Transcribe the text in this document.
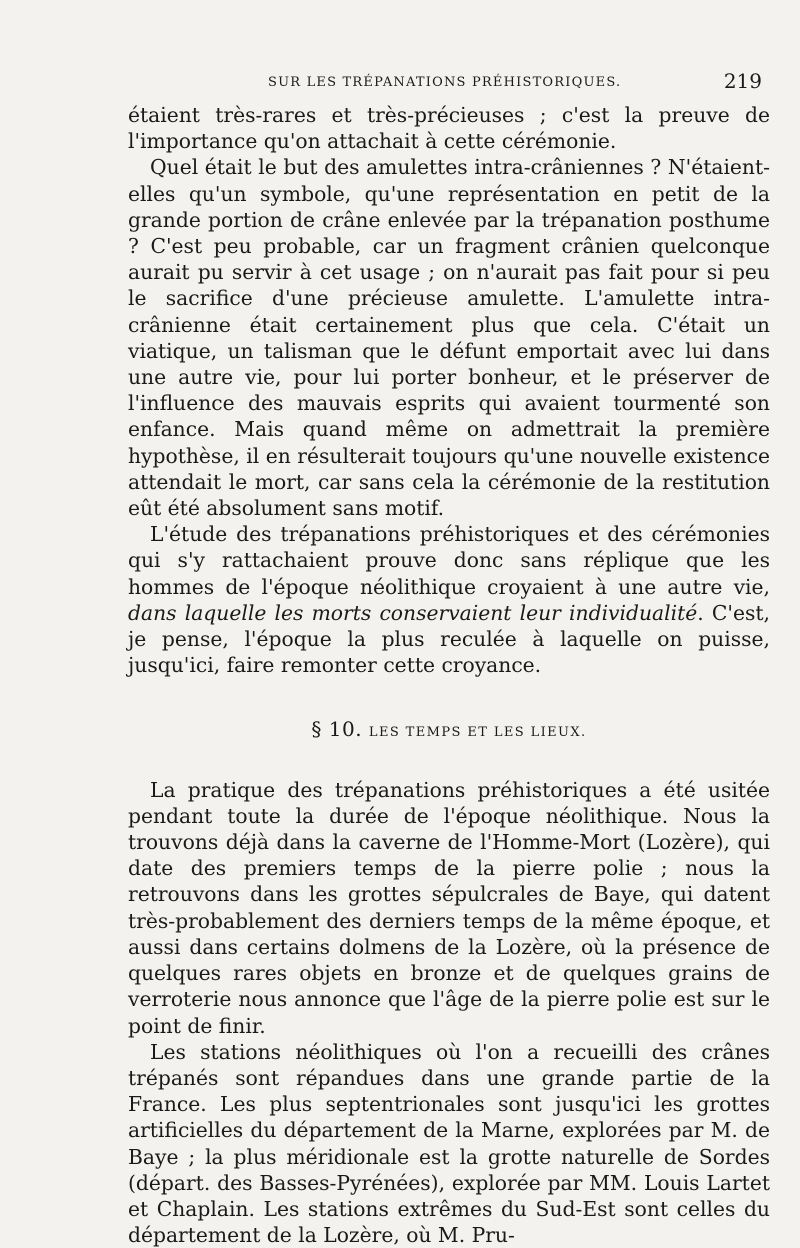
SUR LES TRÉPANATIONS PRÉHISTORIQUES.	219

étaient très-rares et très-précieuses ; c'est la preuve de l'importance qu'on attachait à cette cérémonie.

Quel était le but des amulettes intra-crâniennes ? N'étaient-elles qu'un symbole, qu'une représentation en petit de la grande portion de crâne enlevée par la trépanation posthume ? C'est peu probable, car un fragment crânien quelconque aurait pu servir à cet usage ; on n'aurait pas fait pour si peu le sacrifice d'une précieuse amulette. L'amulette intra-crânienne était certainement plus que cela. C'était un viatique, un talisman que le défunt emportait avec lui dans une autre vie, pour lui porter bonheur, et le préserver de l'influence des mauvais esprits qui avaient tourmenté son enfance. Mais quand même on admettrait la première hypothèse, il en résulterait toujours qu'une nouvelle existence attendait le mort, car sans cela la cérémonie de la restitution eût été absolument sans motif.

L'étude des trépanations préhistoriques et des cérémonies qui s'y rattachaient prouve donc sans réplique que les hommes de l'époque néolithique croyaient à une autre vie, dans laquelle les morts conservaient leur individualité. C'est, je pense, l'époque la plus reculée à laquelle on puisse, jusqu'ici, faire remonter cette croyance.

§ 10. LES TEMPS ET LES LIEUX.

La pratique des trépanations préhistoriques a été usitée pendant toute la durée de l'époque néolithique. Nous la trouvons déjà dans la caverne de l'Homme-Mort (Lozère), qui date des premiers temps de la pierre polie ; nous la retrouvons dans les grottes sépulcrales de Baye, qui datent très-probablement des derniers temps de la même époque, et aussi dans certains dolmens de la Lozère, où la présence de quelques rares objets en bronze et de quelques grains de verroterie nous annonce que l'âge de la pierre polie est sur le point de finir.

Les stations néolithiques où l'on a recueilli des crânes trépanés sont répandues dans une grande partie de la France. Les plus septentrionales sont jusqu'ici les grottes artificielles du département de la Marne, explorées par M. de Baye ; la plus méridionale est la grotte naturelle de Sordes (départ. des Basses-Pyrénées), explorée par MM. Louis Lartet et Chaplain. Les stations extrêmes du Sud-Est sont celles du département de la Lozère, où M. Pru-
